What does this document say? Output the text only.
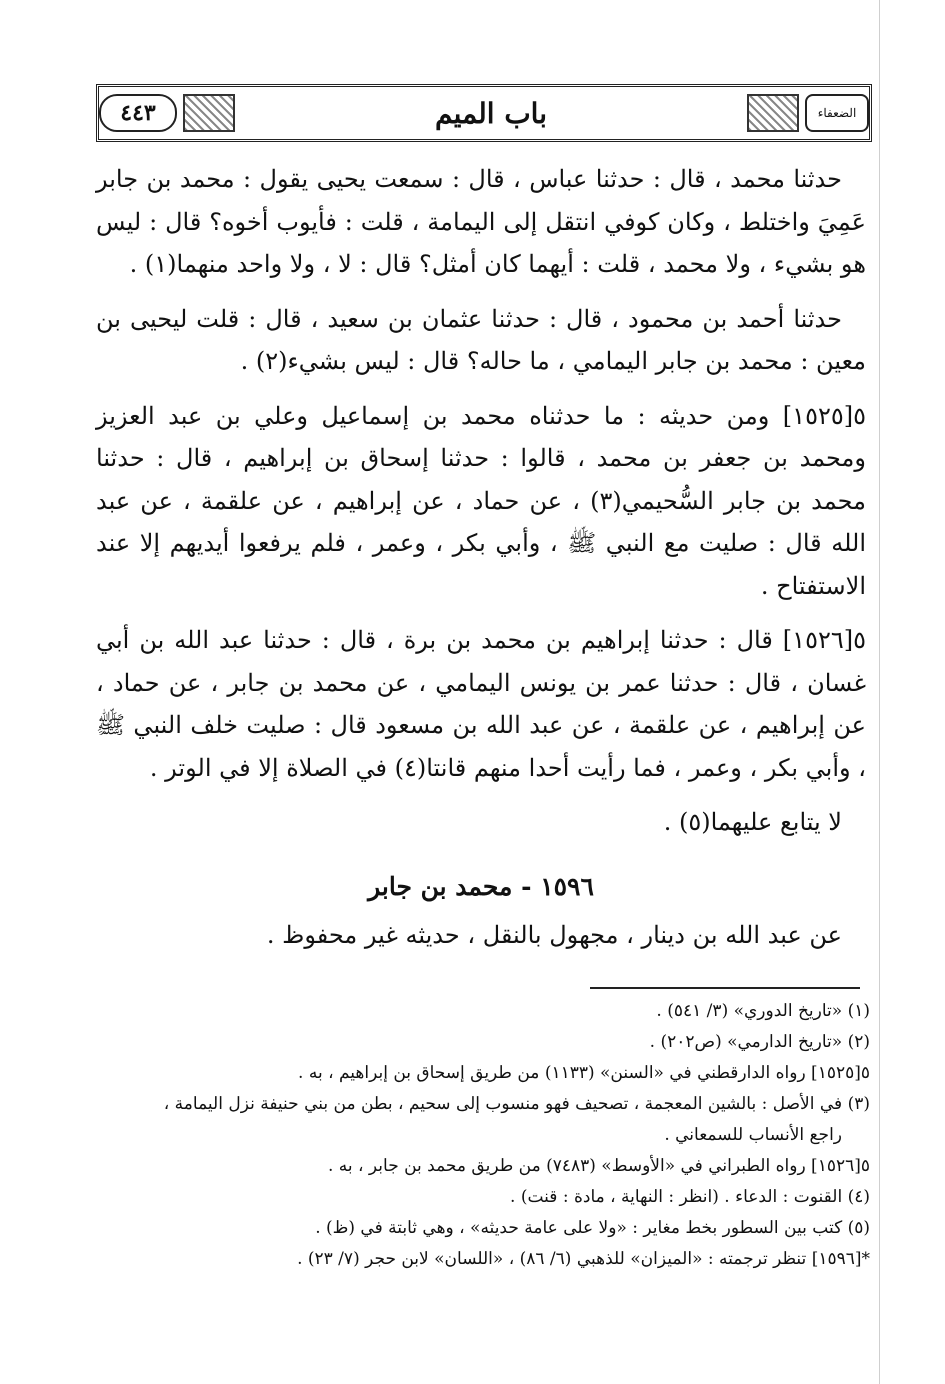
٤٤٣	باب الميم	الضعفاء

حدثنا محمد ، قال : حدثنا عباس ، قال : سمعت يحيى يقول : محمد بن جابر عَمِيَ واختلط ، وكان كوفي انتقل إلى اليمامة ، قلت : فأيوب أخوه؟ قال : ليس هو بشيء ، ولا محمد ، قلت : أيهما كان أمثل؟ قال : لا ، ولا واحد منهما(١) .

حدثنا أحمد بن محمود ، قال : حدثنا عثمان بن سعيد ، قال : قلت ليحيى بن معين : محمد بن جابر اليمامي ، ما حاله؟ قال : ليس بشيء(٢) .

٥[١٥٢٥] ومن حديثه : ما حدثناه محمد بن إسماعيل وعلي بن عبد العزيز ومحمد بن جعفر بن محمد ، قالوا : حدثنا إسحاق بن إبراهيم ، قال : حدثنا محمد بن جابر السُّحيمي(٣) ، عن حماد ، عن إبراهيم ، عن علقمة ، عن عبد الله قال : صليت مع النبي ﷺ ، وأبي بكر ، وعمر ، فلم يرفعوا أيديهم إلا عند الاستفتاح .

٥[١٥٢٦] قال : حدثنا إبراهيم بن محمد بن برة ، قال : حدثنا عبد الله بن أبي غسان ، قال : حدثنا عمر بن يونس اليمامي ، عن محمد بن جابر ، عن حماد ، عن إبراهيم ، عن علقمة ، عن عبد الله بن مسعود قال : صليت خلف النبي ﷺ ، وأبي بكر ، وعمر ، فما رأيت أحدا منهم قانتا(٤) في الصلاة إلا في الوتر .

لا يتابع عليهما(٥) .

١٥٩٦ - محمد بن جابر

عن عبد الله بن دينار ، مجهول بالنقل ، حديثه غير محفوظ .

(١) «تاريخ الدوري» (٣/ ٥٤١) .
(٢) «تاريخ الدارمي» (ص٢٠٢) .
٥[١٥٢٥] رواه الدارقطني في «السنن» (١١٣٣) من طريق إسحاق بن إبراهيم ، به .
(٣) في الأصل : بالشين المعجمة ، تصحيف فهو منسوب إلى سحيم ، بطن من بني حنيفة نزل اليمامة ،
راجع الأنساب للسمعاني .
٥[١٥٢٦] رواه الطبراني في «الأوسط» (٧٤٨٣) من طريق محمد بن جابر ، به .
(٤) القنوت : الدعاء . (انظر : النهاية ، مادة : قنت) .
(٥) كتب بين السطور بخط مغاير : «ولا على عامة حديثه» ، وهي ثابتة في (ظ) .
*[١٥٩٦] تنظر ترجمته : «الميزان» للذهبي (٦/ ٨٦) ، «اللسان» لابن حجر (٧/ ٢٣) .
